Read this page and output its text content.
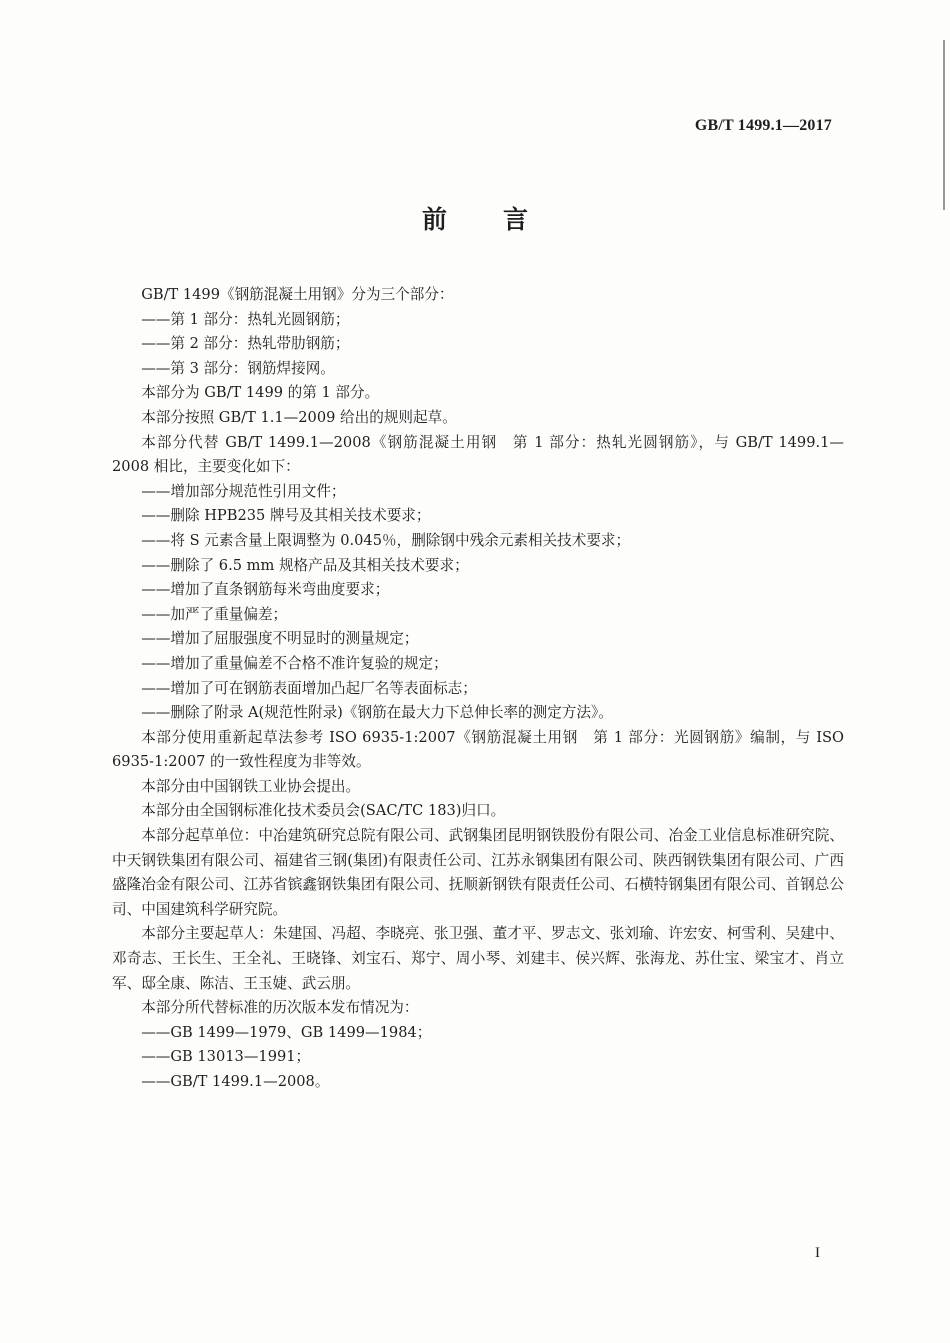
GB/T 1499.1—2017
前言

GB/T 1499《钢筋混凝土用钢》分为三个部分：

——第 1 部分：热轧光圆钢筋；

——第 2 部分：热轧带肋钢筋；

——第 3 部分：钢筋焊接网。

本部分为 GB/T 1499 的第 1 部分。

本部分按照 GB/T 1.1—2009 给出的规则起草。

本部分代替 GB/T 1499.1—2008《钢筋混凝土用钢　第 1 部分：热轧光圆钢筋》，与 GB/T 1499.1—2008 相比，主要变化如下：

——增加部分规范性引用文件；

——删除 HPB235 牌号及其相关技术要求；

——将 S 元素含量上限调整为 0.045％，删除钢中残余元素相关技术要求；

——删除了 6.5 mm 规格产品及其相关技术要求；

——增加了直条钢筋每米弯曲度要求；

——加严了重量偏差；

——增加了屈服强度不明显时的测量规定；

——增加了重量偏差不合格不准许复验的规定；

——增加了可在钢筋表面增加凸起厂名等表面标志；

——删除了附录 A(规范性附录)《钢筋在最大力下总伸长率的测定方法》。

本部分使用重新起草法参考 ISO 6935-1:2007《钢筋混凝土用钢　第 1 部分：光圆钢筋》编制，与 ISO 6935-1:2007 的一致性程度为非等效。

本部分由中国钢铁工业协会提出。

本部分由全国钢标准化技术委员会(SAC/TC 183)归口。

本部分起草单位：中冶建筑研究总院有限公司、武钢集团昆明钢铁股份有限公司、冶金工业信息标准研究院、中天钢铁集团有限公司、福建省三钢(集团)有限责任公司、江苏永钢集团有限公司、陕西钢铁集团有限公司、广西盛隆冶金有限公司、江苏省镔鑫钢铁集团有限公司、抚顺新钢铁有限责任公司、石横特钢集团有限公司、首钢总公司、中国建筑科学研究院。

本部分主要起草人：朱建国、冯超、李晓亮、张卫强、董才平、罗志文、张刘瑜、许宏安、柯雪利、吴建中、邓奇志、王长生、王全礼、王晓锋、刘宝石、郑宁、周小琴、刘建丰、侯兴辉、张海龙、苏仕宝、梁宝才、肖立军、邸全康、陈洁、王玉婕、武云朋。

本部分所代替标准的历次版本发布情况为：

——GB 1499—1979、GB 1499—1984；

——GB 13013—1991；

——GB/T 1499.1—2008。

I
